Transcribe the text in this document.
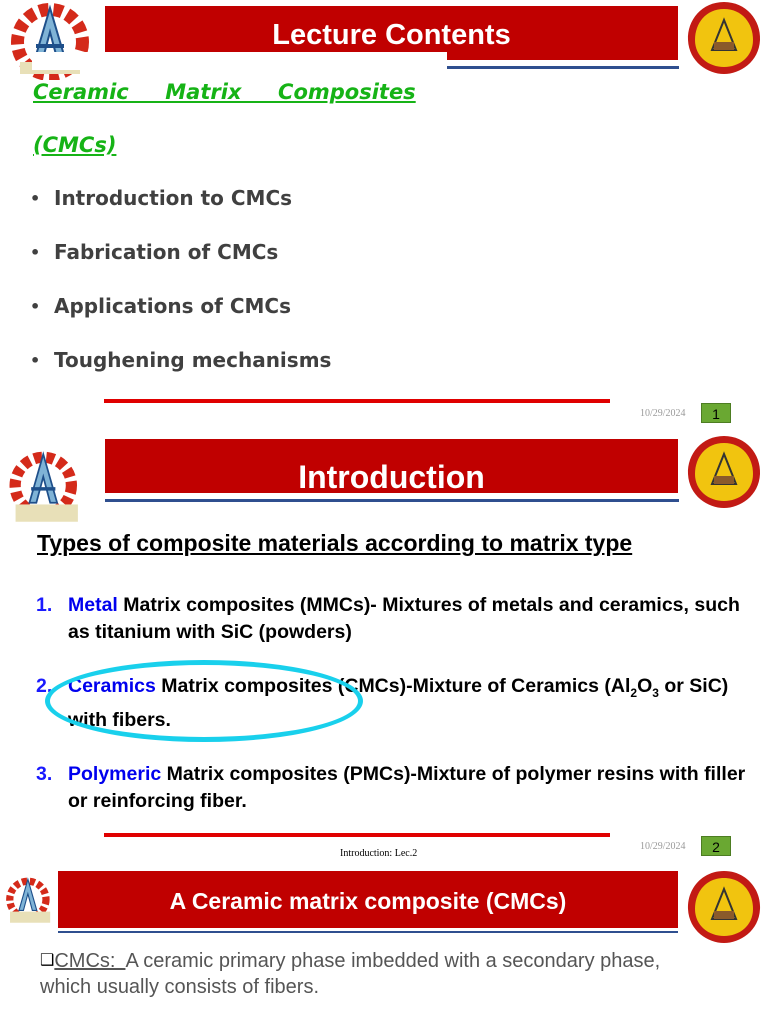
Lecture Contents
Ceramic     Matrix     Composites
(CMCs)
• Introduction to CMCs
• Fabrication of CMCs
• Applications of CMCs
• Toughening mechanisms
10/29/2024	1
Introduction
Types of composite materials according to matrix type
1. Metal Matrix composites (MMCs)- Mixtures of metals and ceramics, such as titanium with SiC (powders)
2. Ceramics Matrix composites (CMCs)-Mixture of Ceramics ($Al_2O_3$ or SiC) with fibers.
3. Polymeric Matrix composites (PMCs)-Mixture of polymer resins with filler or reinforcing fiber.
Introduction: Lec.2
10/29/2024	2
A Ceramic matrix composite (CMCs)
❑CMCs:  A ceramic primary phase imbedded with a secondary phase, which usually consists of fibers.
